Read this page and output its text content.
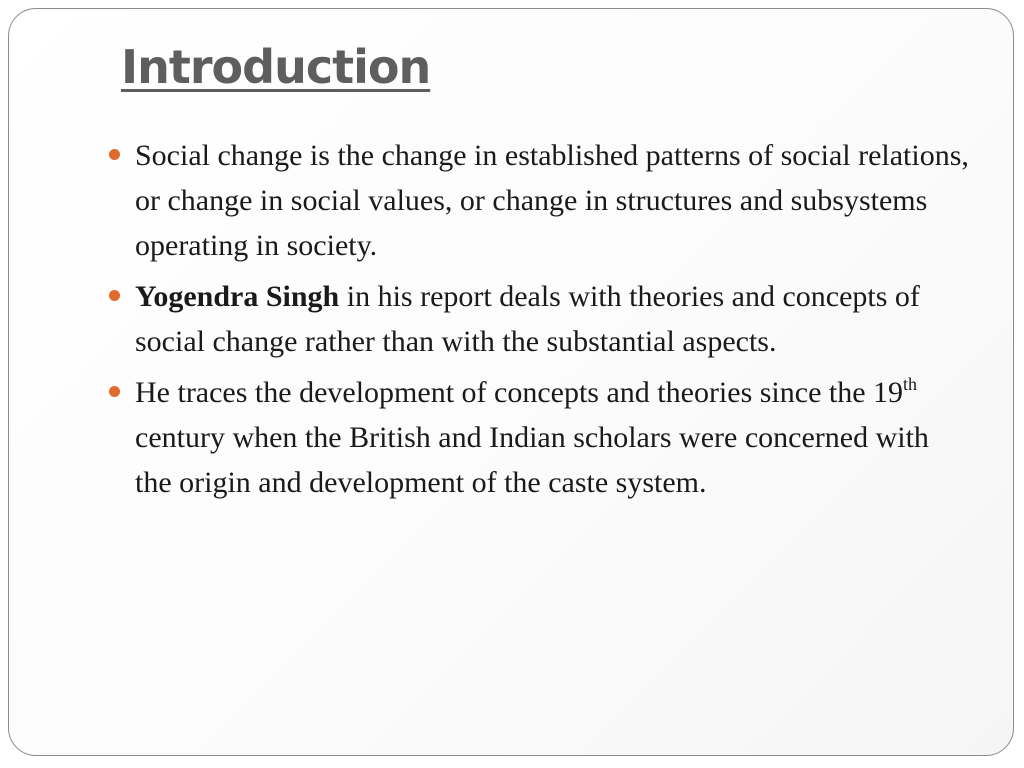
Introduction
Social change is the change in established patterns of social relations, or change in social values, or change in structures and subsystems operating in society.
Yogendra Singh in his report deals with theories and concepts of social change rather than with the substantial aspects.
He traces the development of concepts and theories since the 19th century when the British and Indian scholars were concerned with the origin and development of the caste system.
